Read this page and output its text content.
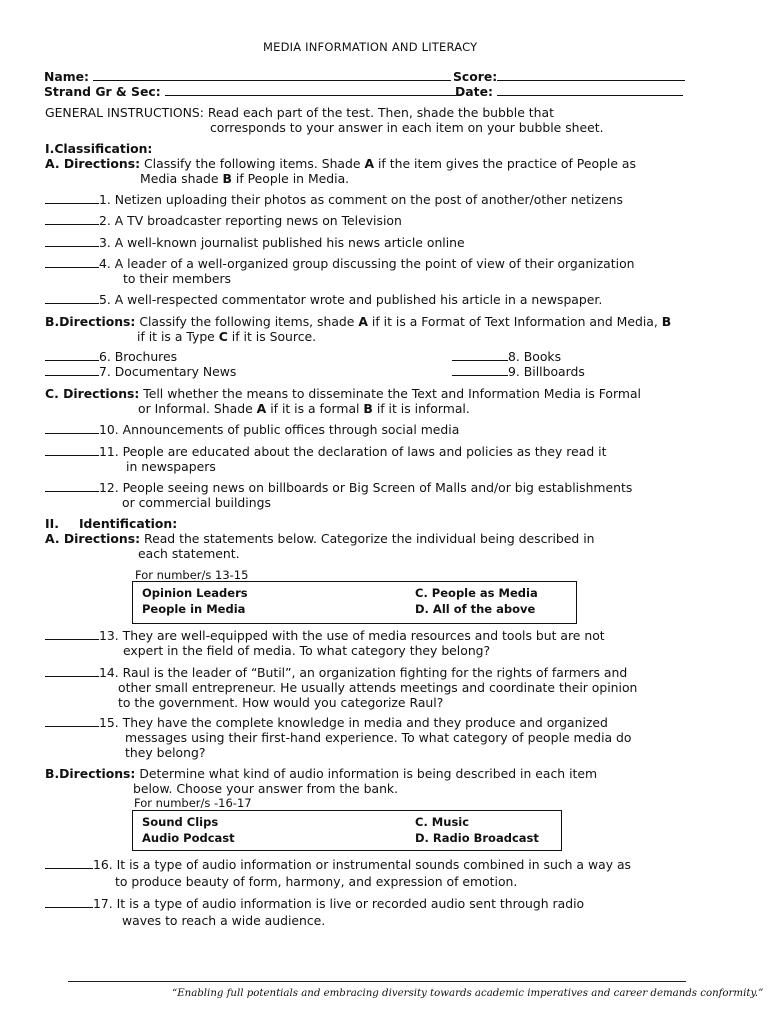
MEDIA INFORMATION AND LITERACY
Name:	Score:
Strand Gr & Sec:	Date:
GENERAL INSTRUCTIONS: Read each part of the test. Then, shade the bubble that
corresponds to your answer in each item on your bubble sheet.
I.Classification:
A. Directions: Classify the following items. Shade A if the item gives the practice of People as
Media shade B if People in Media.
1. Netizen uploading their photos as comment on the post of another/other netizens
2. A TV broadcaster reporting news on Television
3. A well-known journalist published his news article online
4. A leader of a well-organized group discussing the point of view of their organization
to their members
5. A well-respected commentator wrote and published his article in a newspaper.
B.Directions: Classify the following items, shade A if it is a Format of Text Information and Media, B
if it is a Type C if it is Source.
6. Brochures
7. Documentary News
8. Books
9. Billboards
C. Directions: Tell whether the means to disseminate the Text and Information Media is Formal
or Informal. Shade A if it is a formal B if it is informal.
10. Announcements of public offices through social media
11. People are educated about the declaration of laws and policies as they read it
in newspapers
12. People seeing news on billboards or Big Screen of Malls and/or big establishments
or commercial buildings
II. Identification:
A. Directions: Read the statements below. Categorize the individual being described in
each statement.
For number/s 13-15
Opinion Leaders
People in Media
C. People as Media
D. All of the above
13. They are well-equipped with the use of media resources and tools but are not
expert in the field of media. To what category they belong?
14. Raul is the leader of “Butil”, an organization fighting for the rights of farmers and
other small entrepreneur. He usually attends meetings and coordinate their opinion
to the government. How would you categorize Raul?
15. They have the complete knowledge in media and they produce and organized
messages using their first-hand experience. To what category of people media do
they belong?
B.Directions: Determine what kind of audio information is being described in each item
below. Choose your answer from the bank.
For number/s -16-17
Sound Clips
Audio Podcast
C. Music
D. Radio Broadcast
16. It is a type of audio information or instrumental sounds combined in such a way as
to produce beauty of form, harmony, and expression of emotion.
17. It is a type of audio information is live or recorded audio sent through radio
waves to reach a wide audience.
“Enabling full potentials and embracing diversity towards academic imperatives and career demands conformity.”
